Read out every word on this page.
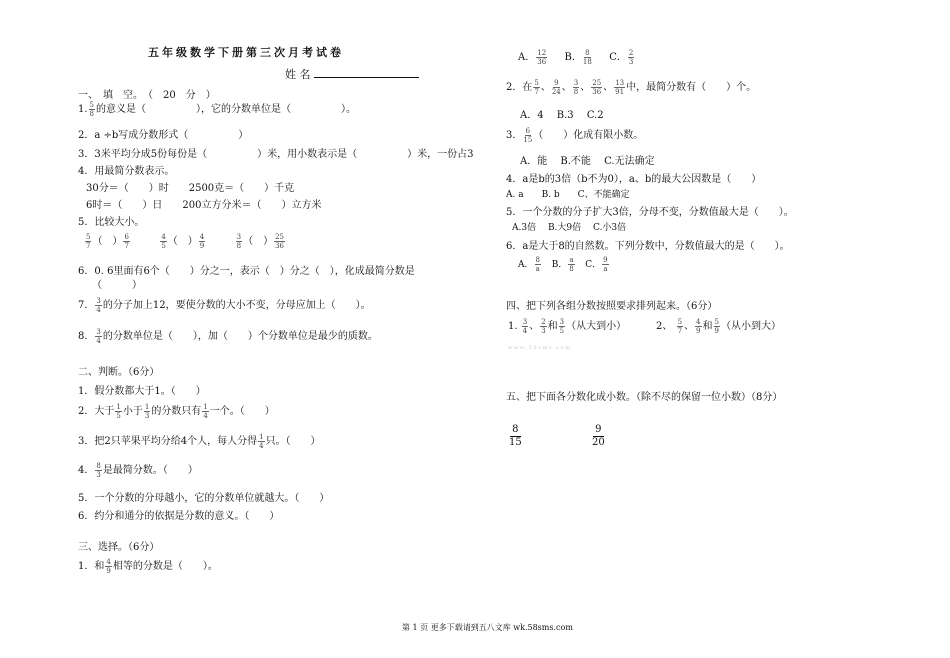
五年级数学下册第三次月考试卷
姓 名
一、　填　空。　（　20　分　）
1. $\frac{5}{8}$ 的意义是（　　　　　），它的分数单位是（　　　　　）。
2．a ÷b写成分数形式（　　　　　）
3．3米平均分成5份每份是（　　　　　）米，用小数表示是（　　　　　）米，一份占3
4．用最简分数表示。
30分＝（　　）时　　2500克＝（　　）千克
6时＝（　　）日　　200立方分米＝（　　）立方米
5．比较大小。
$\frac{5}{7}$ （　） $\frac{6}{7}$
	$\frac{4}{5}$ （　） $\frac{4}{9}$
	$\frac{3}{8}$ （　） $\frac{25}{36}$
6．0. 6里面有6个（　　）分之一，表示（　）分之（　），化成最简分数是
（　　　）
7． $\frac{3}{4}$ 的分子加上12，要使分数的大小不变，分母应加上（　　）。
8． $\frac{3}{4}$ 的分数单位是（　　），加（　　）个分数单位是最少的质数。
二、判断。（6分）
1．假分数都大于1。（　　）
2．大于 $\frac{1}{5}$ 小于 $\frac{1}{3}$ 的分数只有 $\frac{1}{4}$ 一个。（　　）
3．把2只苹果平均分给4个人，每人分得 $\frac{1}{4}$ 只。（　　）
4． $\frac{8}{3}$ 是最简分数。（　　）
5．一个分数的分母越小，它的分数单位就越大。（　　）
6．约分和通分的依据是分数的意义。（　　）
三、选择。（6分）
1．和 $\frac{4}{9}$ 相等的分数是（　　）。
A． $\frac{12}{36}$ B． $\frac{8}{18}$ C． $\frac{2}{3}$
2．在 $\frac{5}{7}$ 、 $\frac{9}{24}$ 、 $\frac{3}{8}$ 、 $\frac{25}{36}$ 、 $\frac{13}{91}$ 中，最简分数有（　　）个。
A．4　 B.3　 C.2
3． $\frac{6}{15}$ （　　）化成有限小数。
A．能　 B.不能　 C.无法确定
4．a是b的3倍（b不为0），a、b的最大公因数是（　　）
A. a　　B. b　　C、不能确定
5．一个分数的分子扩大3倍，分母不变，分数值最大是（　　）。
A.3倍　 B.大9倍　 C.小3倍
6．a是大于8的自然数。下列分数中，分数值最大的是（　　）。
A． $\frac{8}{a}$ B． $\frac{a}{8}$ C． $\frac{9}{a}$
四、把下列各组分数按照要求排列起来。（6分）
1. $\frac{3}{4}$ 、 $\frac{2}{3}$ 和 $\frac{3}{5}$ （从大到小）	2、 $\frac{5}{7}$ 、 $\frac{4}{9}$ 和 $\frac{5}{9}$ （从小到大）
w w w . 5 8 s m s . c o m
五、把下面各分数化成小数。（除不尽的保留一位小数）（8分）
$\frac{8}{15}$	$\frac{9}{20}$
第 1 页 更多下载请到五八文库 wk.58sms.com
